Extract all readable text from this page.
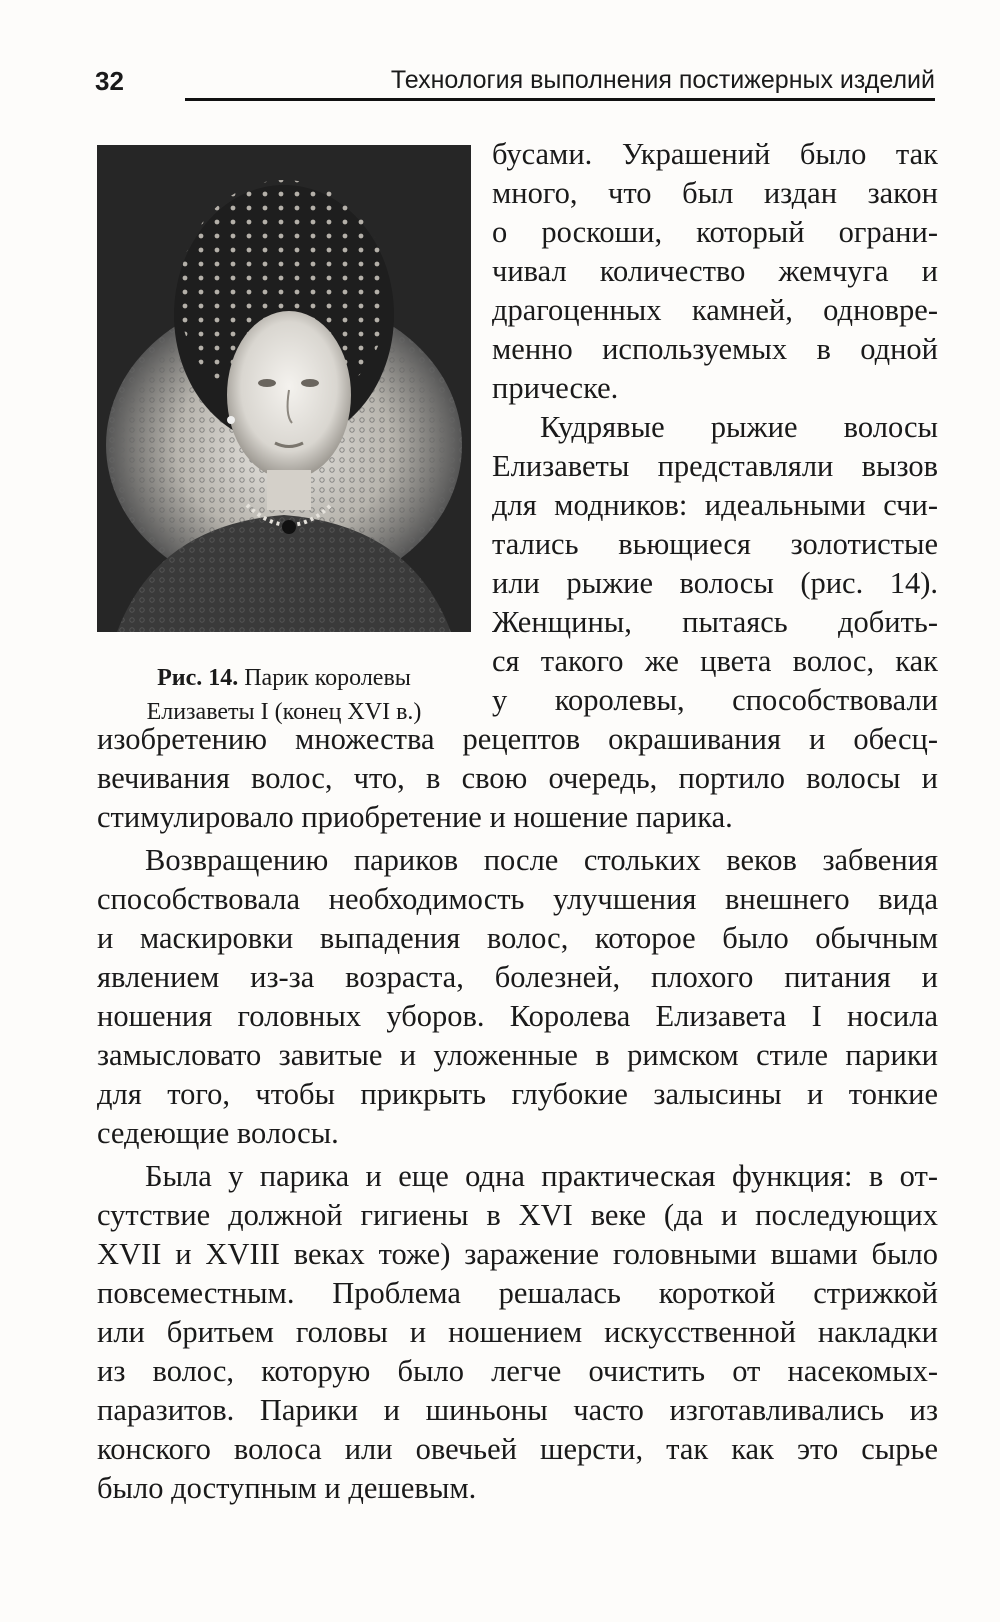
32	Технология выполнения постижерных изделий
Рис. 14. Парик королевы
Елизаветы I (конец XVI в.)
бусами. Украшений было так
много, что был издан закон
о роскоши, который ограни-
чивал количество жемчуга и
драгоценных камней, одновре-
менно используемых в одной
прическе.
Кудрявые рыжие волосы
Елизаветы представляли вызов
для модников: идеальными счи-
тались вьющиеся золотистые
или рыжие волосы (рис. 14).
Женщины, пытаясь добить-
ся такого же цвета волос, как
у королевы, способствовали
изобретению множества рецептов окрашивания и обесц-
вечивания волос, что, в свою очередь, портило волосы и
стимулировало приобретение и ношение парика.
Возвращению париков после стольких веков забвения
способствовала необходимость улучшения внешнего вида
и маскировки выпадения волос, которое было обычным
явлением из-за возраста, болезней, плохого питания и
ношения головных уборов. Королева Елизавета I носила
замысловато завитые и уложенные в римском стиле парики
для того, чтобы прикрыть глубокие залысины и тонкие
седеющие волосы.
Была у парика и еще одна практическая функция: в от-
сутствие должной гигиены в XVI веке (да и последующих
XVII и XVIII веках тоже) заражение головными вшами было
повсеместным. Проблема решалась короткой стрижкой
или бритьем головы и ношением искусственной накладки
из волос, которую было легче очистить от насекомых-
паразитов. Парики и шиньоны часто изготавливались из
конского волоса или овечьей шерсти, так как это сырье
было доступным и дешевым.
